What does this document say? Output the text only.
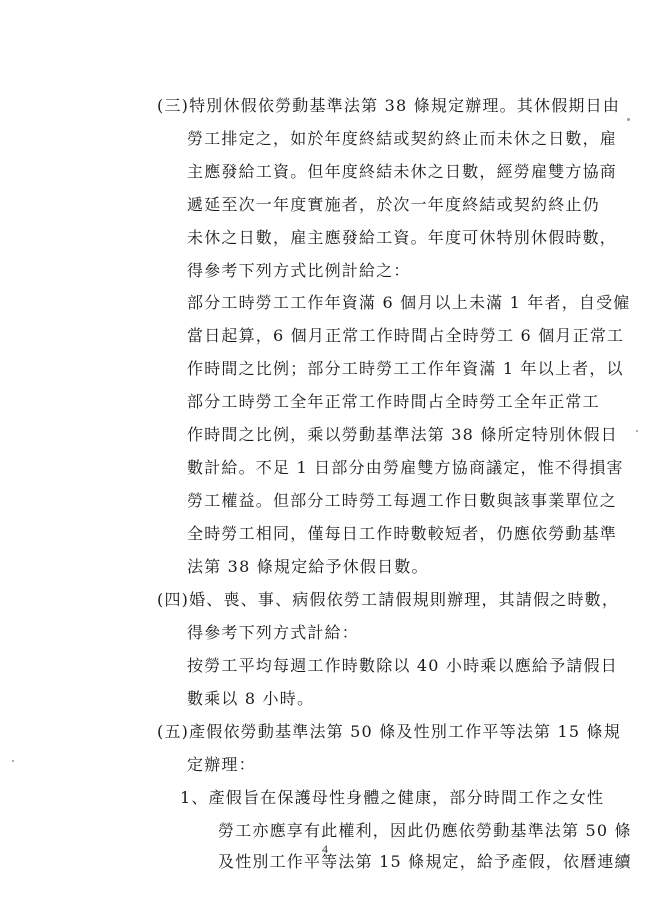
(三)特別休假依勞動基準法第 38 條規定辦理。其休假期日由
勞工排定之，如於年度終結或契約終止而未休之日數，雇
主應發給工資。但年度終結未休之日數，經勞雇雙方協商
遞延至次一年度實施者，於次一年度終結或契約終止仍
未休之日數，雇主應發給工資。年度可休特別休假時數，
得參考下列方式比例計給之：
部分工時勞工工作年資滿 6 個月以上未滿 1 年者，自受僱
當日起算，6 個月正常工作時間占全時勞工 6 個月正常工
作時間之比例；部分工時勞工工作年資滿 1 年以上者，以
部分工時勞工全年正常工作時間占全時勞工全年正常工
作時間之比例，乘以勞動基準法第 38 條所定特別休假日
數計給。不足 1 日部分由勞雇雙方協商議定，惟不得損害
勞工權益。但部分工時勞工每週工作日數與該事業單位之
全時勞工相同，僅每日工作時數較短者，仍應依勞動基準
法第 38 條規定給予休假日數。
(四)婚、喪、事、病假依勞工請假規則辦理，其請假之時數，
得參考下列方式計給：
按勞工平均每週工作時數除以 40 小時乘以應給予請假日
數乘以 8 小時。
(五)產假依勞動基準法第 50 條及性別工作平等法第 15 條規
定辦理：
1、產假旨在保護母性身體之健康，部分時間工作之女性
勞工亦應享有此權利，因此仍應依勞動基準法第 50 條
及性別工作平等法第 15 條規定，給予產假，依曆連續
4
